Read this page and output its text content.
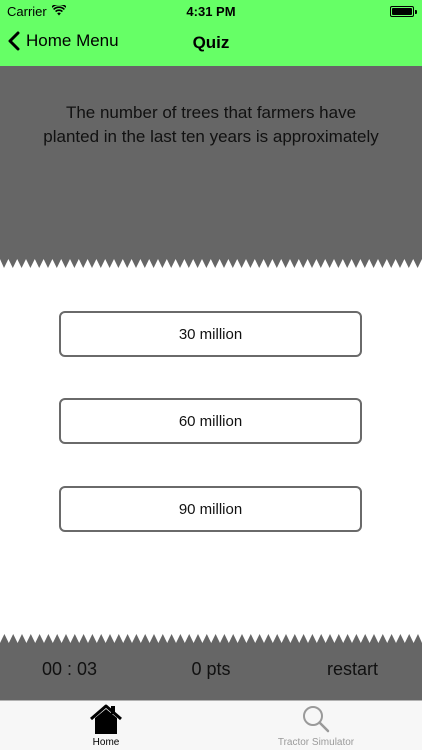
Carrier	4:31 PM
Home Menu	Quiz
The number of trees that farmers have planted in the last ten years is approximately
30 million
60 million
90 million
00 : 03	0 pts	restart
Home	Tractor Simulator
